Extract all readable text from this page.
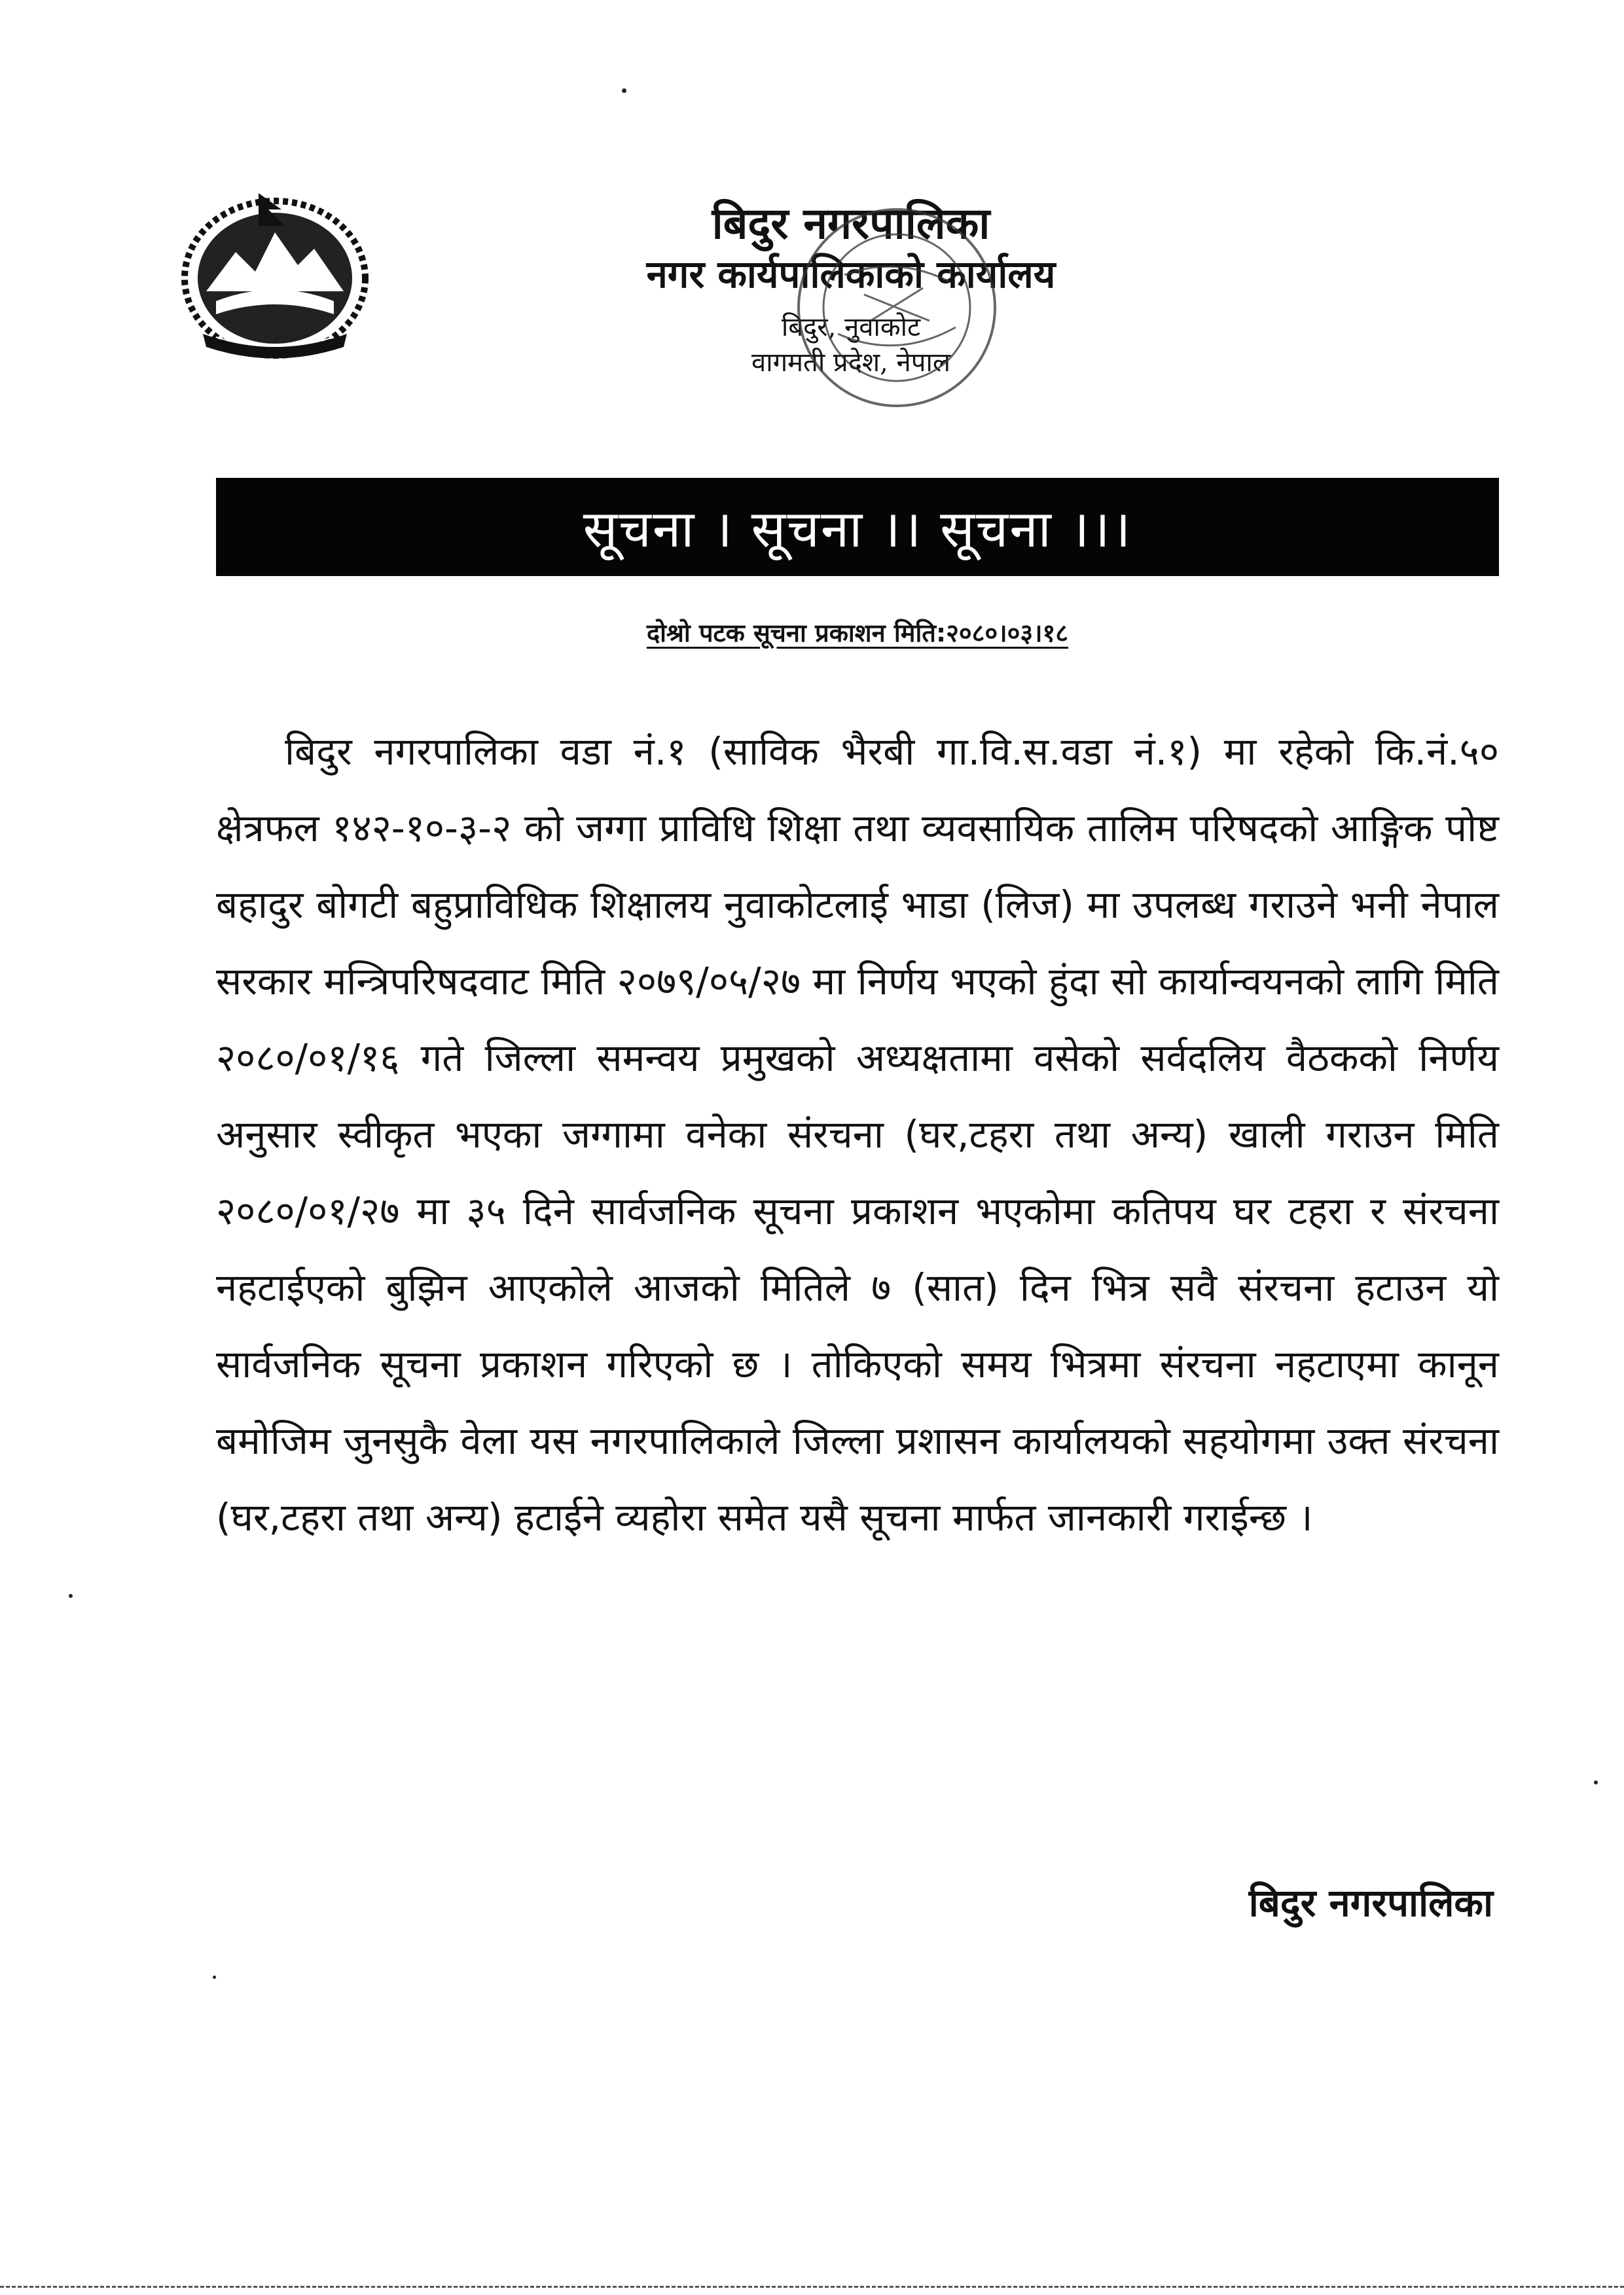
बिदुर नगरपालिका
नगर कार्यपालिकाको कार्यालय
बिदुर, नुवाकोट
वागमती प्रदेश, नेपाल
सूचना । सूचना ।। सूचना ।।।
दोश्रो पटक सूचना प्रकाशन मिति:२०८०।०३।१८

बिदुर नगरपालिका वडा नं.१ (साविक भैरबी गा.वि.स.वडा नं.१) मा रहेको कि.नं.५० क्षेत्रफल १४२-१०-३-२ को जग्गा प्राविधि शिक्षा तथा व्यवसायिक तालिम परिषदको आङ्गिक पोष्ट बहादुर बोगटी बहुप्राविधिक शिक्षालय नुवाकोटलाई भाडा (लिज) मा उपलब्ध गराउने भनी नेपाल सरकार मन्त्रिपरिषदवाट मिति २०७९/०५/२७ मा निर्णय भएको हुंदा सो कार्यान्वयनको लागि मिति २०८०/०१/१६ गते जिल्ला समन्वय प्रमुखको अध्यक्षतामा वसेको सर्वदलिय वैठकको निर्णय अनुसार स्वीकृत भएका जग्गामा वनेका संरचना (घर,टहरा तथा अन्य) खाली गराउन मिति २०८०/०१/२७ मा ३५ दिने सार्वजनिक सूचना प्रकाशन भएकोमा कतिपय घर टहरा र संरचना नहटाईएको बुझिन आएकोले आजको मितिले ७ (सात) दिन भित्र सवै संरचना हटाउन यो सार्वजनिक सूचना प्रकाशन गरिएको छ । तोकिएको समय भित्रमा संरचना नहटाएमा कानून बमोजिम जुनसुकै वेला यस नगरपालिकाले जिल्ला प्रशासन कार्यालयको सहयोगमा उक्त संरचना (घर,टहरा तथा अन्य) हटाईने व्यहोरा समेत यसै सूचना मार्फत जानकारी गराईन्छ ।

बिदुर नगरपालिका
